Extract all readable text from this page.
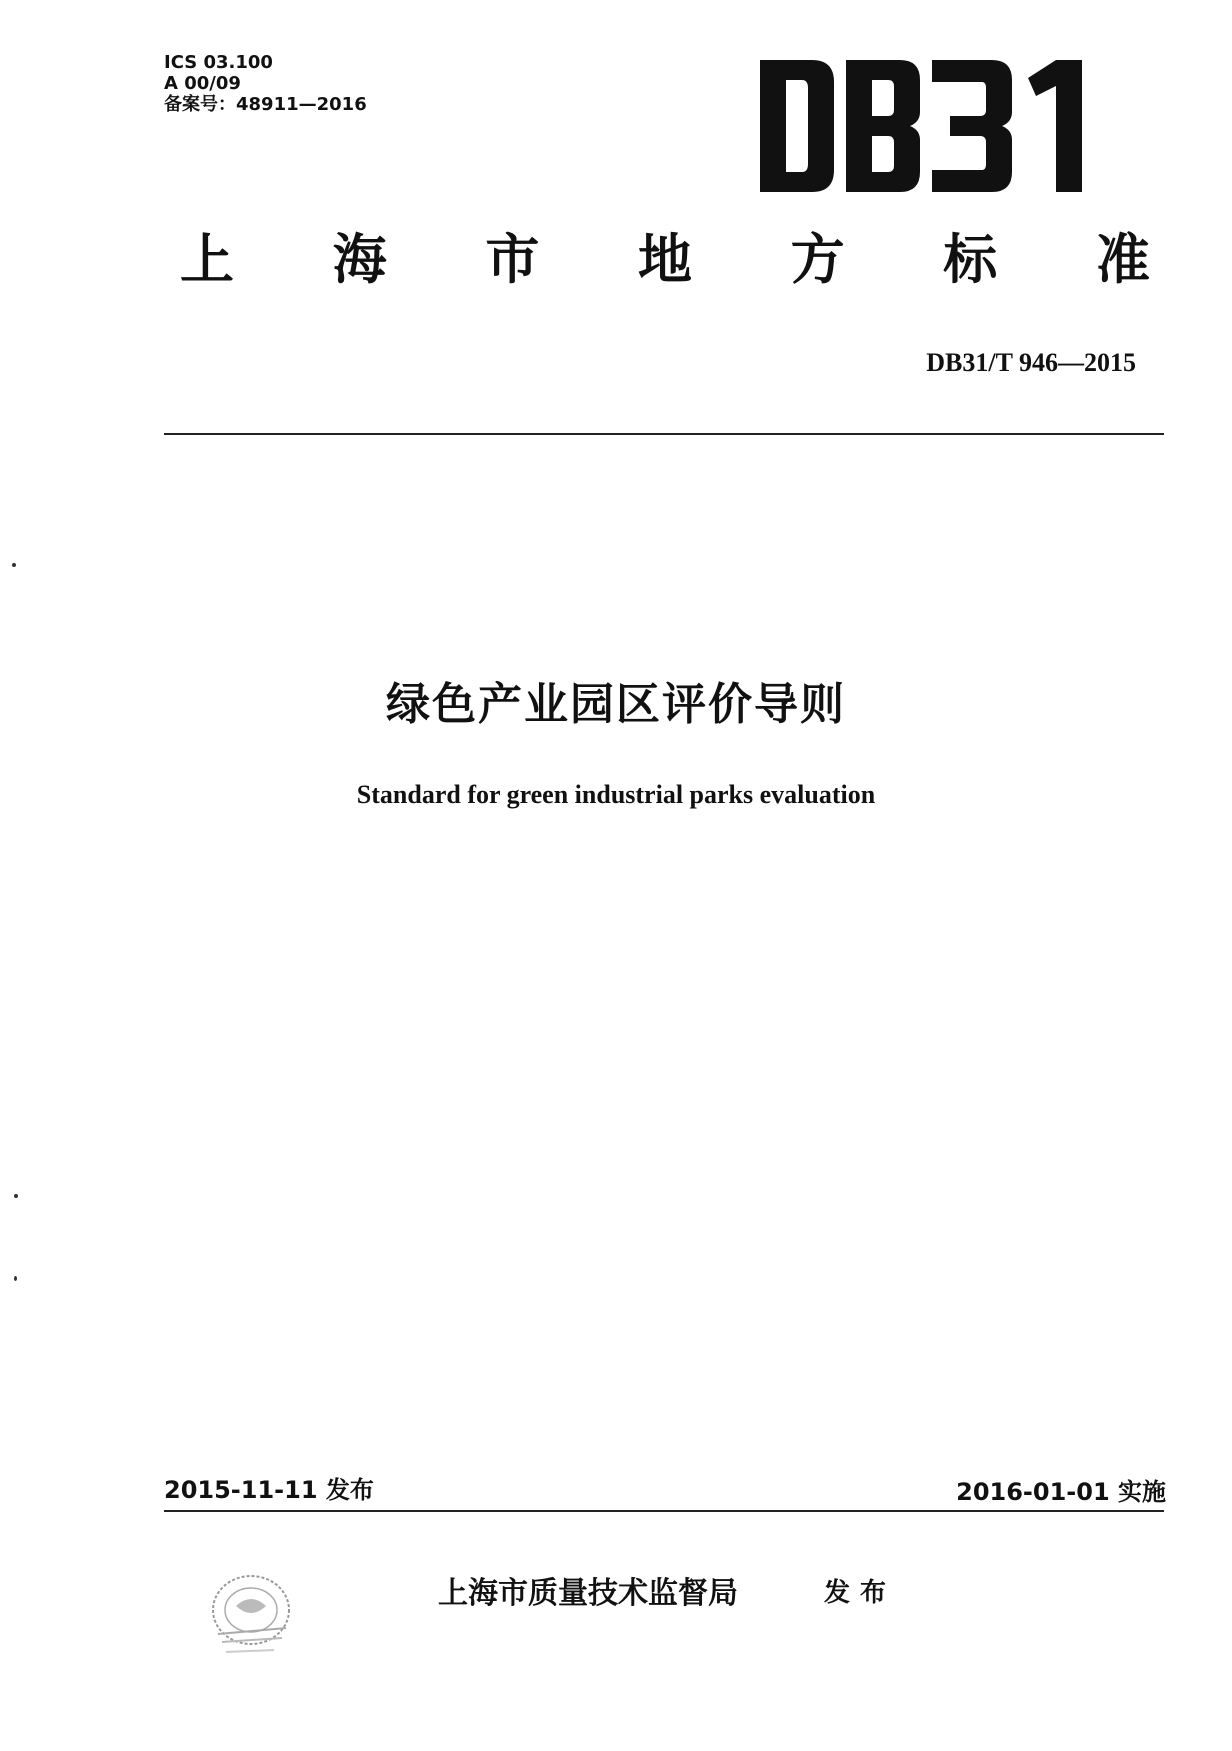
ICS 03.100
A 00/09
备案号：48911—2016
上 海 市 地 方 标 准
DB31/T 946—2015
绿色产业园区评价导则
Standard for green industrial parks evaluation
2015-11-11 发布	2016-01-01 实施
上海市质量技术监督局	发布
